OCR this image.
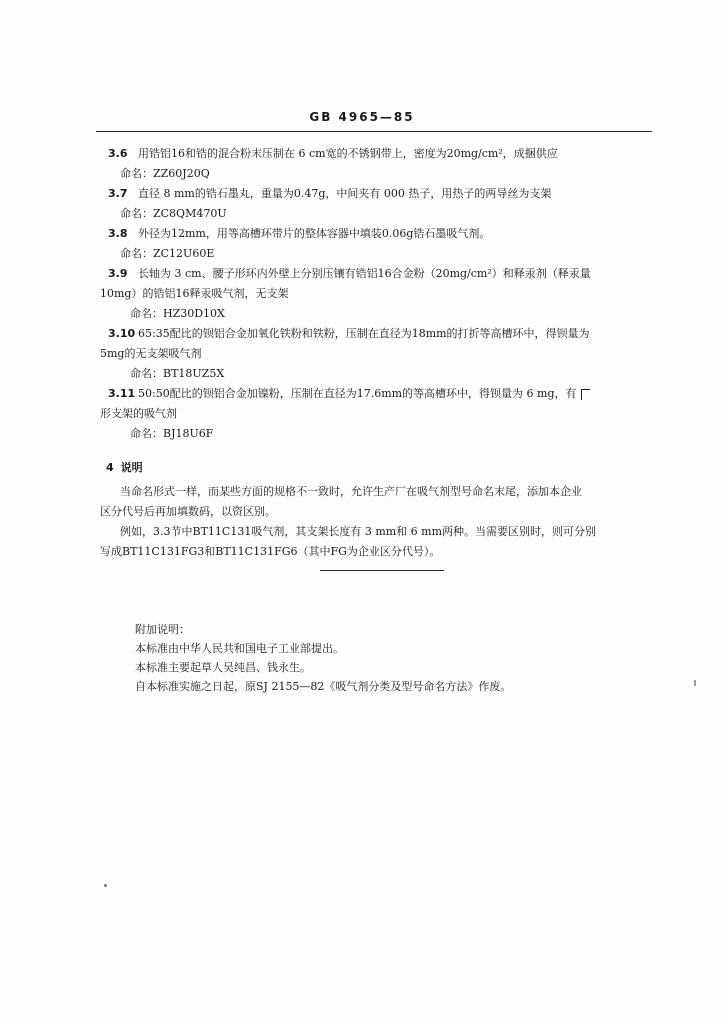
GB 4965—85
3.6 用锆铝16和锆的混合粉末压制在 6 cm宽的不锈钢带上，密度为20mg/cm²，成捆供应
命名：ZZ60J20Q
3.7 直径 8 mm的锆石墨丸，重量为0.47g，中间夹有 000 热子，用热子的两导丝为支架
命名：ZC8QM470U
3.8 外径为12mm，用等高槽环带片的整体容器中填装0.06g锆石墨吸气剂。
命名：ZC12U60E
3.9 长轴为 3 cm、腰子形环内外壁上分别压镶有锆铝16合金粉（20mg/cm²）和释汞剂（释汞量
10mg）的锆铝16释汞吸气剂，无支架
命名：HZ30D10X
3.10 65:35配比的钡铝合金加氧化铁粉和铁粉，压制在直径为18mm的打折等高槽环中，得钡量为
5mg的无支架吸气剂
命名：BT18UZ5X
3.11 50:50配比的钡铝合金加镍粉，压制在直径为17.6mm的等高槽环中，得钡量为 6 mg，有
形支架的吸气剂
命名：BJ18U6F
4 说明
当命名形式一样，而某些方面的规格不一致时，允许生产厂在吸气剂型号命名末尾，添加本企业
区分代号后再加填数码，以资区别。
例如，3.3节中BT11C131吸气剂，其支架长度有 3 mm和 6 mm两种。当需要区别时，则可分别
写成BT11C131FG3和BT11C131FG6（其中FG为企业区分代号）。
附加说明：
本标准由中华人民共和国电子工业部提出。
本标准主要起草人吴纯昌、钱永生。
自本标准实施之日起，原SJ 2155—82《吸气剂分类及型号命名方法》作废。
